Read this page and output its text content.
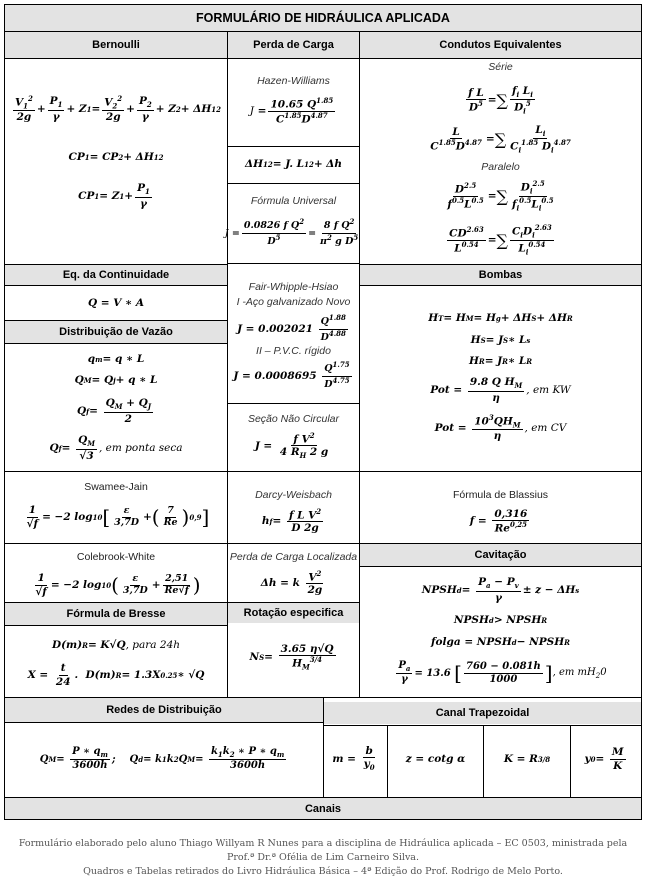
FORMULÁRIO DE HIDRÁULICA APLICADA
Bernoulli	Perda de Carga	Condutos Equivalentes
$\frac{V_1^2}{2g} + \frac{P_1}{\gamma} + Z$ $1 = \frac{V_2^2}{2g} + \frac{P_2}{\gamma} + Z$ 2 + ΔH 12
CP 1 = CP 2 + ΔH 12
CP 1 = Z $1 + \frac{P_1}{\gamma}$
Hazen-Williams
$J = \frac{10.65 Q^{1.85}}{C^{1.85}D^{4.87}}$
ΔH 12 = J. L 12 + Δh
Fórmula Universal
$J = \frac{0.0826 f Q^2}{D^5} = \frac{8 f Q^2}{\pi^2 g D^5}$
Série
$\frac{\text{f L}}{D^5}$ = ∑ $\frac{f_i L_i}{D_i^5}$
$\frac{L}{C^{1.85}D^{4.87}}$ = ∑ $\frac{L_i}{C_i^{1.85} D_i^{4.87}}$
Paralelo
$\frac{D^{2.5}}{f^{0.5}L^{0.5}}$ = ∑ $\frac{D_i^{2.5}}{f_i^{0.5}L_i^{0.5}}$
$\frac{CD^{2.63}}{L^{0.54}}$ = ∑ $\frac{C_iD_i^{2.63}}{L_i^{0.54}}$
Eq. da Continuidade
Q = V ∗ A
Distribuição de Vazão
q m = q ∗ L
Q M = Q j + q ∗ L
Q $f = \frac{Q_M + Q_J}{2}$
Q $f = \frac{Q_M}{√3}$ , em ponta seca
Fair-Whipple-Hsiao
I -Aço galvanizado Novo
$J = 0.002021 \frac{Q^{1.88}}{D^{4.88}}$
II – P.V.C. rígido
$J = 0.0008695 \frac{Q^{1.75}}{D^{4.75}}$
Seção Não Circular
$J = \frac{f V^2}{4 R_H 2 g}$
Bombas
H T = H M = H g + ΔH S + ΔH R
H S = J S ∗ L s
H R = J R ∗ L R
Pot = $\frac{9.8 Q H_M}{\eta}$ , em KW
Pot = $\frac{10^3QH_M}{\eta}$ , em CV
Swamee-Jain
$\frac{1}{√f} = -2$ log 10 [ $\frac{\varepsilon}{3,7D}$ + ( $\frac{7}{Re}$ ) 0,9 ]
Darcy-Weisbach
h $f = \frac{f L V^2}{D 2g}$
Fórmula de Blassius
$f = \frac{0,316}{Re^{0,25}}$
Colebrook-White
$\frac{1}{√f} = -2$ log 10 ( $\frac{\varepsilon}{3,7D} + \frac{2,51}{Re√f}$ )
Perda de Carga Localizada
Δh = k $\frac{V^2}{2g}$
Cavitação
NPSH $d = \frac{P_a - P_v}{\gamma} \pm z - \Delta H$ s
NPSH d > NPSH R
folga = NPSH d − NPSH R
$\frac{P_a}{\gamma} = 13.6$ [ $\frac{760 - 0.081h}{1000}$ ] , em $mH_20$
Fórmula de Bresse
D(m) R = K√Q , para 24h
$X = \frac{t}{24}$ .  D(m) R = 1.3X 0.25 ∗ √Q
Rotação especifica
N $S = \frac{3.65 \eta√Q}{H_M^{3/4}}$
Redes de Distribuição	Canal Trapezoidal
Q $M = \frac{P ∗ q_m}{3600h}$ ;    Q d = k 1 k 2 Q $M = \frac{k_1k_2 ∗ P ∗ q_m}{3600h}$	$m = \frac{b}{y_0}$	z = cotg α	K = R 3/8	y $0 = \frac{M}{K}$
Canais
Formulário elaborado pelo aluno Thiago Willyam R Nunes para a disciplina de Hidráulica aplicada – EC 0503, ministrada pela
Prof.ª Dr.ª Ofélia de Lim Carneiro Silva.
Quadros e Tabelas retirados do Livro Hidráulica Básica – 4ª Edição do Prof. Rodrigo de Melo Porto.
